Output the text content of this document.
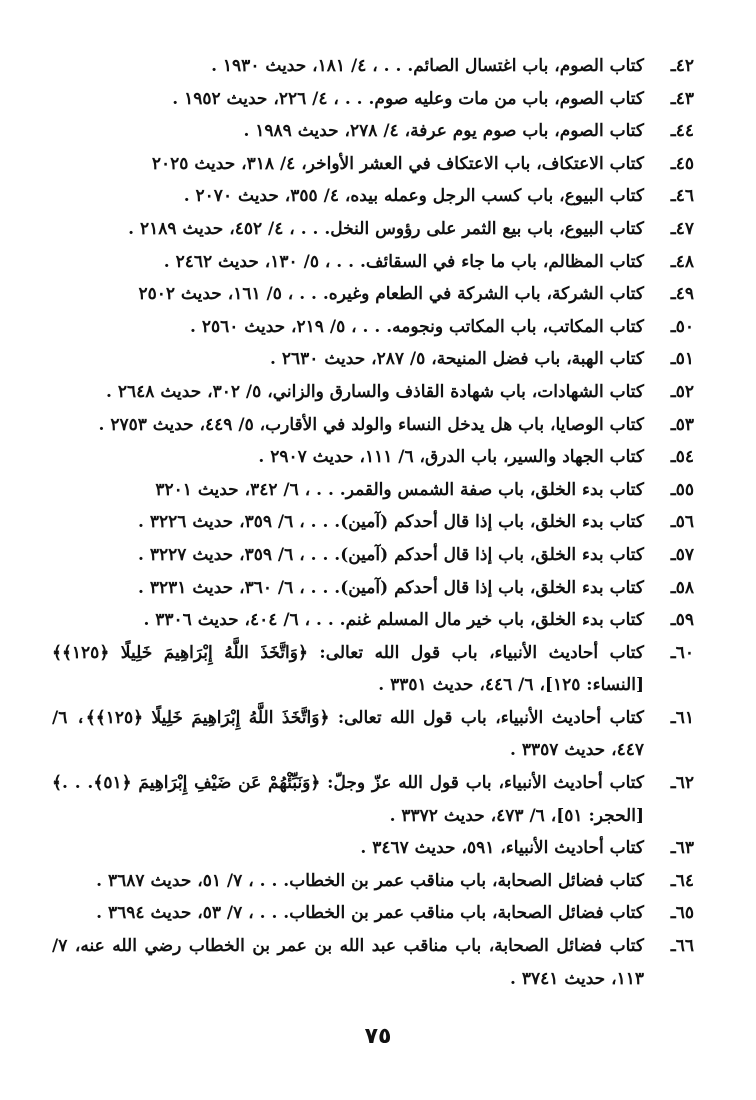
٤٢ـ
كتاب الصوم، باب اغتسال الصائم. . . ، ٤/ ١٨١، حديث ١٩٣٠ .
٤٣ـ
كتاب الصوم، باب من مات وعليه صوم. . . ، ٤/ ٢٢٦، حديث ١٩٥٢ .
٤٤ـ
كتاب الصوم، باب صوم يوم عرفة، ٤/ ٢٧٨، حديث ١٩٨٩ .
٤٥ـ
كتاب الاعتكاف، باب الاعتكاف في العشر الأواخر، ٤/ ٣١٨، حديث ٢٠٢٥
٤٦ـ
كتاب البيوع، باب كسب الرجل وعمله بيده، ٤/ ٣٥٥، حديث ٢٠٧٠ .
٤٧ـ
كتاب البيوع، باب بيع الثمر على رؤوس النخل. . . ، ٤/ ٤٥٢، حديث ٢١٨٩ .
٤٨ـ
كتاب المظالم، باب ما جاء في السقائف. . . ، ٥/ ١٣٠، حديث ٢٤٦٢ .
٤٩ـ
كتاب الشركة، باب الشركة في الطعام وغيره. . . ، ٥/ ١٦١، حديث ٢٥٠٢
٥٠ـ
كتاب المكاتب، باب المكاتب ونجومه. . . ، ٥/ ٢١٩، حديث ٢٥٦٠ .
٥١ـ
كتاب الهبة، باب فضل المنيحة، ٥/ ٢٨٧، حديث ٢٦٣٠ .
٥٢ـ
كتاب الشهادات، باب شهادة القاذف والسارق والزاني، ٥/ ٣٠٢، حديث ٢٦٤٨ .
٥٣ـ
كتاب الوصايا، باب هل يدخل النساء والولد في الأقارب، ٥/ ٤٤٩، حديث ٢٧٥٣ .
٥٤ـ
كتاب الجهاد والسير، باب الدرق، ٦/ ١١١، حديث ٢٩٠٧ .
٥٥ـ
كتاب بدء الخلق، باب صفة الشمس والقمر. . . ، ٦/ ٣٤٢، حديث ٣٢٠١
٥٦ـ
كتاب بدء الخلق، باب إذا قال أحدكم (آمين). . . ، ٦/ ٣٥٩، حديث ٣٢٢٦ .
٥٧ـ
كتاب بدء الخلق، باب إذا قال أحدكم (آمين). . . ، ٦/ ٣٥٩، حديث ٣٢٢٧ .
٥٨ـ
كتاب بدء الخلق، باب إذا قال أحدكم (آمين). . . ، ٦/ ٣٦٠، حديث ٣٢٣١ .
٥٩ـ
كتاب بدء الخلق، باب خير مال المسلم غنم. . . ، ٦/ ٤٠٤، حديث ٣٣٠٦ .
٦٠ـ
كتاب أحاديث الأنبياء، باب قول الله تعالى: ﴿وَاتَّخَذَ اللَّهُ إِبْرَاهِيمَ خَلِيلًا ﴿١٢٥﴾﴾ [النساء: ١٢٥]، ٦/ ٤٤٦، حديث ٣٣٥١ .
٦١ـ
كتاب أحاديث الأنبياء، باب قول الله تعالى: ﴿وَاتَّخَذَ اللَّهُ إِبْرَاهِيمَ خَلِيلًا ﴿١٢٥﴾﴾، ٦/ ٤٤٧، حديث ٣٣٥٧ .
٦٢ـ
كتاب أحاديث الأنبياء، باب قول الله عزّ وجلّ: ﴿وَنَبِّئْهُمْ عَن ضَيْفِ إِبْرَاهِيمَ ﴿٥١﴾. . .﴾ [الحجر: ٥١]، ٦/ ٤٧٣، حديث ٣٣٧٢ .
٦٣ـ
كتاب أحاديث الأنبياء، ٥٩١، حديث ٣٤٦٧ .
٦٤ـ
كتاب فضائل الصحابة، باب مناقب عمر بن الخطاب. . . ، ٧/ ٥١، حديث ٣٦٨٧ .
٦٥ـ
كتاب فضائل الصحابة، باب مناقب عمر بن الخطاب. . . ، ٧/ ٥٣، حديث ٣٦٩٤ .
٦٦ـ
كتاب فضائل الصحابة، باب مناقب عبد الله بن عمر بن الخطاب رضي الله عنه، ٧/ ١١٣، حديث ٣٧٤١ .
٧٥
